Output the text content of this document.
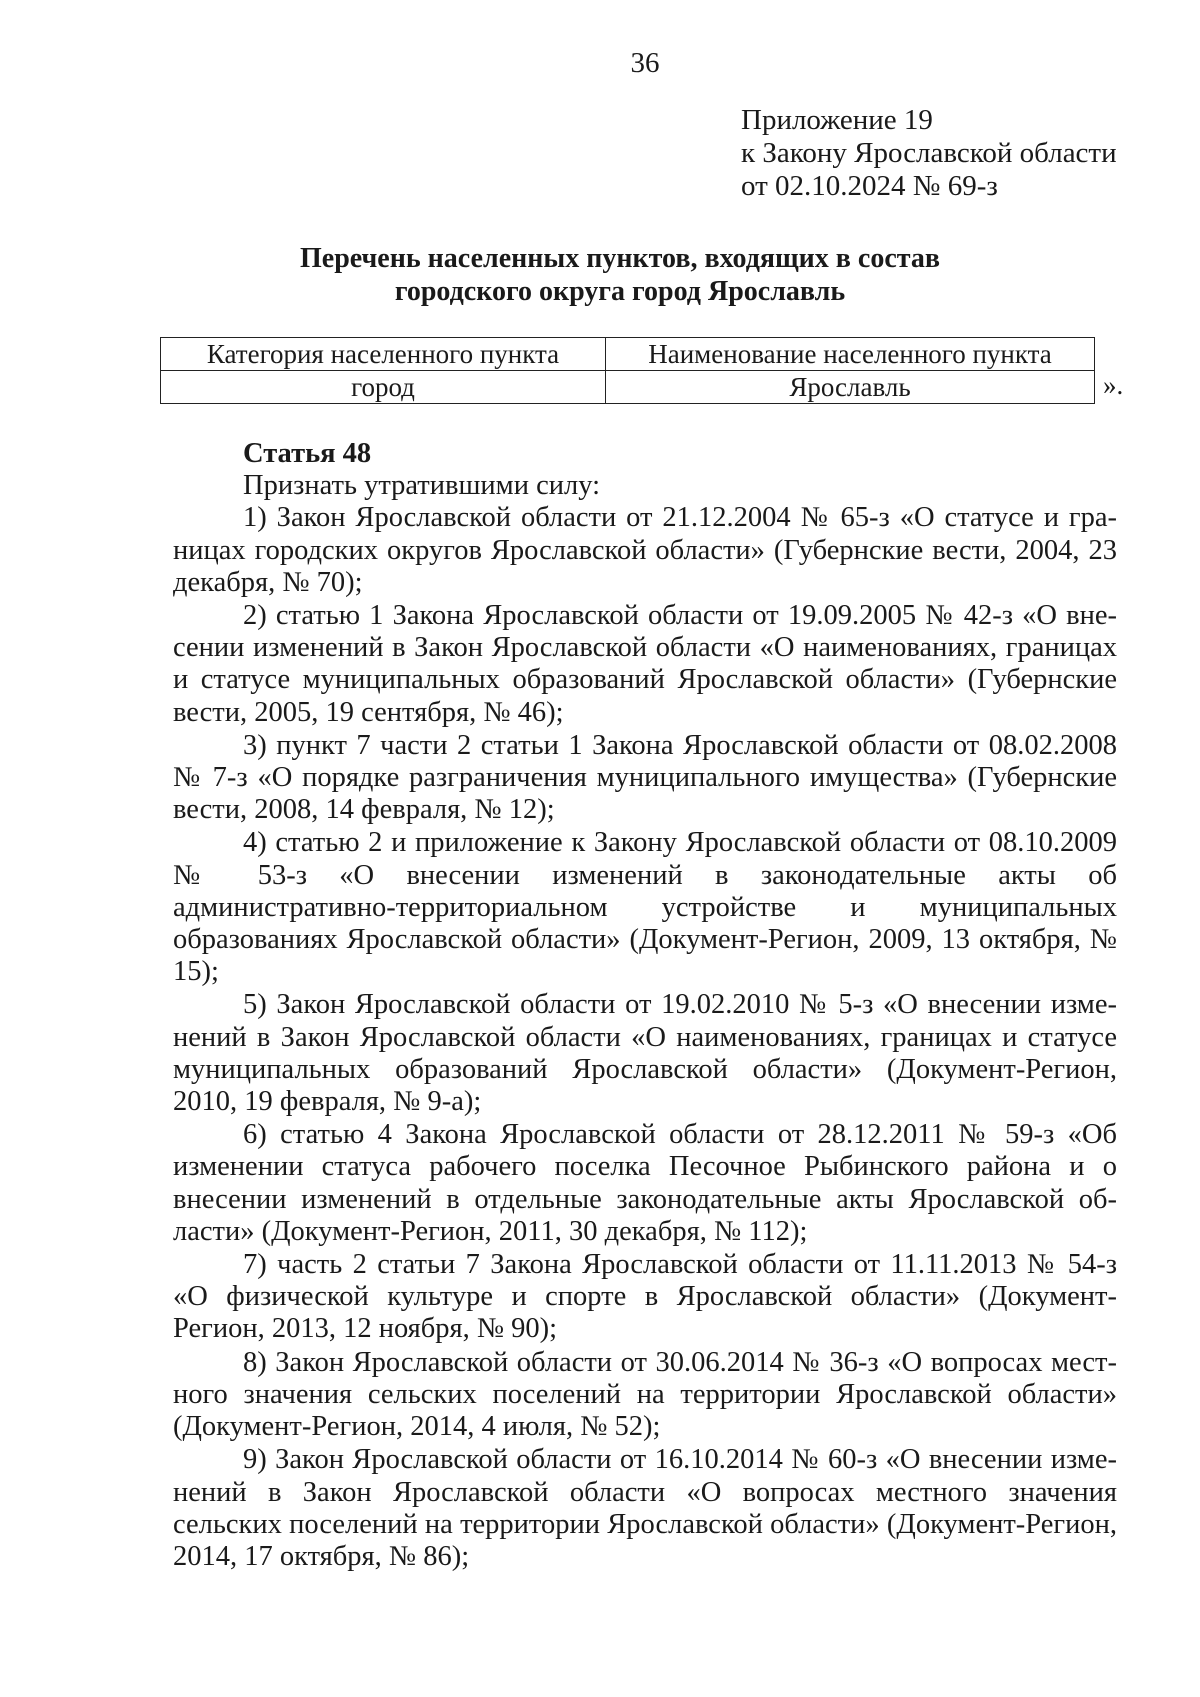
36
Приложение 19
к Закону Ярославской области
от 02.10.2024 № 69-з
Перечень населенных пунктов, входящих в состав
городского округа город Ярославль
Категория населенного пункта	Наименование населенного пункта
город	Ярославль	».
Статья 48
Признать утратившими силу:

1) Закон Ярославской области от 21.12.2004 № 65-з «О статусе и границах городских округов Ярославской области» (Губернские вести, 2004, 23 декабря, № 70);

2) статью 1 Закона Ярославской области от 19.09.2005 № 42-з «О внесении изменений в Закон Ярославской области «О наименованиях, границах и статусе муниципальных образований Ярославской области» (Губернские вести, 2005, 19 сентября, № 46);

3) пункт 7 части 2 статьи 1 Закона Ярославской области от 08.02.2008 № 7-з «О порядке разграничения муниципального имущества» (Губернские вести, 2008, 14 февраля, № 12);

4) статью 2 и приложение к Закону Ярославской области от 08.10.2009 № 53-з «О внесении изменений в законодательные акты об административно-территориальном устройстве и муниципальных образованиях Ярославской области» (Документ-Регион, 2009, 13 октября, № 15);

5) Закон Ярославской области от 19.02.2010 № 5-з «О внесении изменений в Закон Ярославской области «О наименованиях, границах и статусе муниципальных образований Ярославской области» (Документ-Регион, 2010, 19 февраля, № 9-а);

6) статью 4 Закона Ярославской области от 28.12.2011 № 59-з «Об изменении статуса рабочего поселка Песочное Рыбинского района и о внесении изменений в отдельные законодательные акты Ярославской области» (Документ-Регион, 2011, 30 декабря, № 112);

7) часть 2 статьи 7 Закона Ярославской области от 11.11.2013 № 54-з «О физической культуре и спорте в Ярославской области» (Документ-Регион, 2013, 12 ноября, № 90);

8) Закон Ярославской области от 30.06.2014 № 36-з «О вопросах местного значения сельских поселений на территории Ярославской области» (Документ-Регион, 2014, 4 июля, № 52);

9) Закон Ярославской области от 16.10.2014 № 60-з «О внесении изменений в Закон Ярославской области «О вопросах местного значения сельских поселений на территории Ярославской области» (Документ-Регион, 2014, 17 октября, № 86);
